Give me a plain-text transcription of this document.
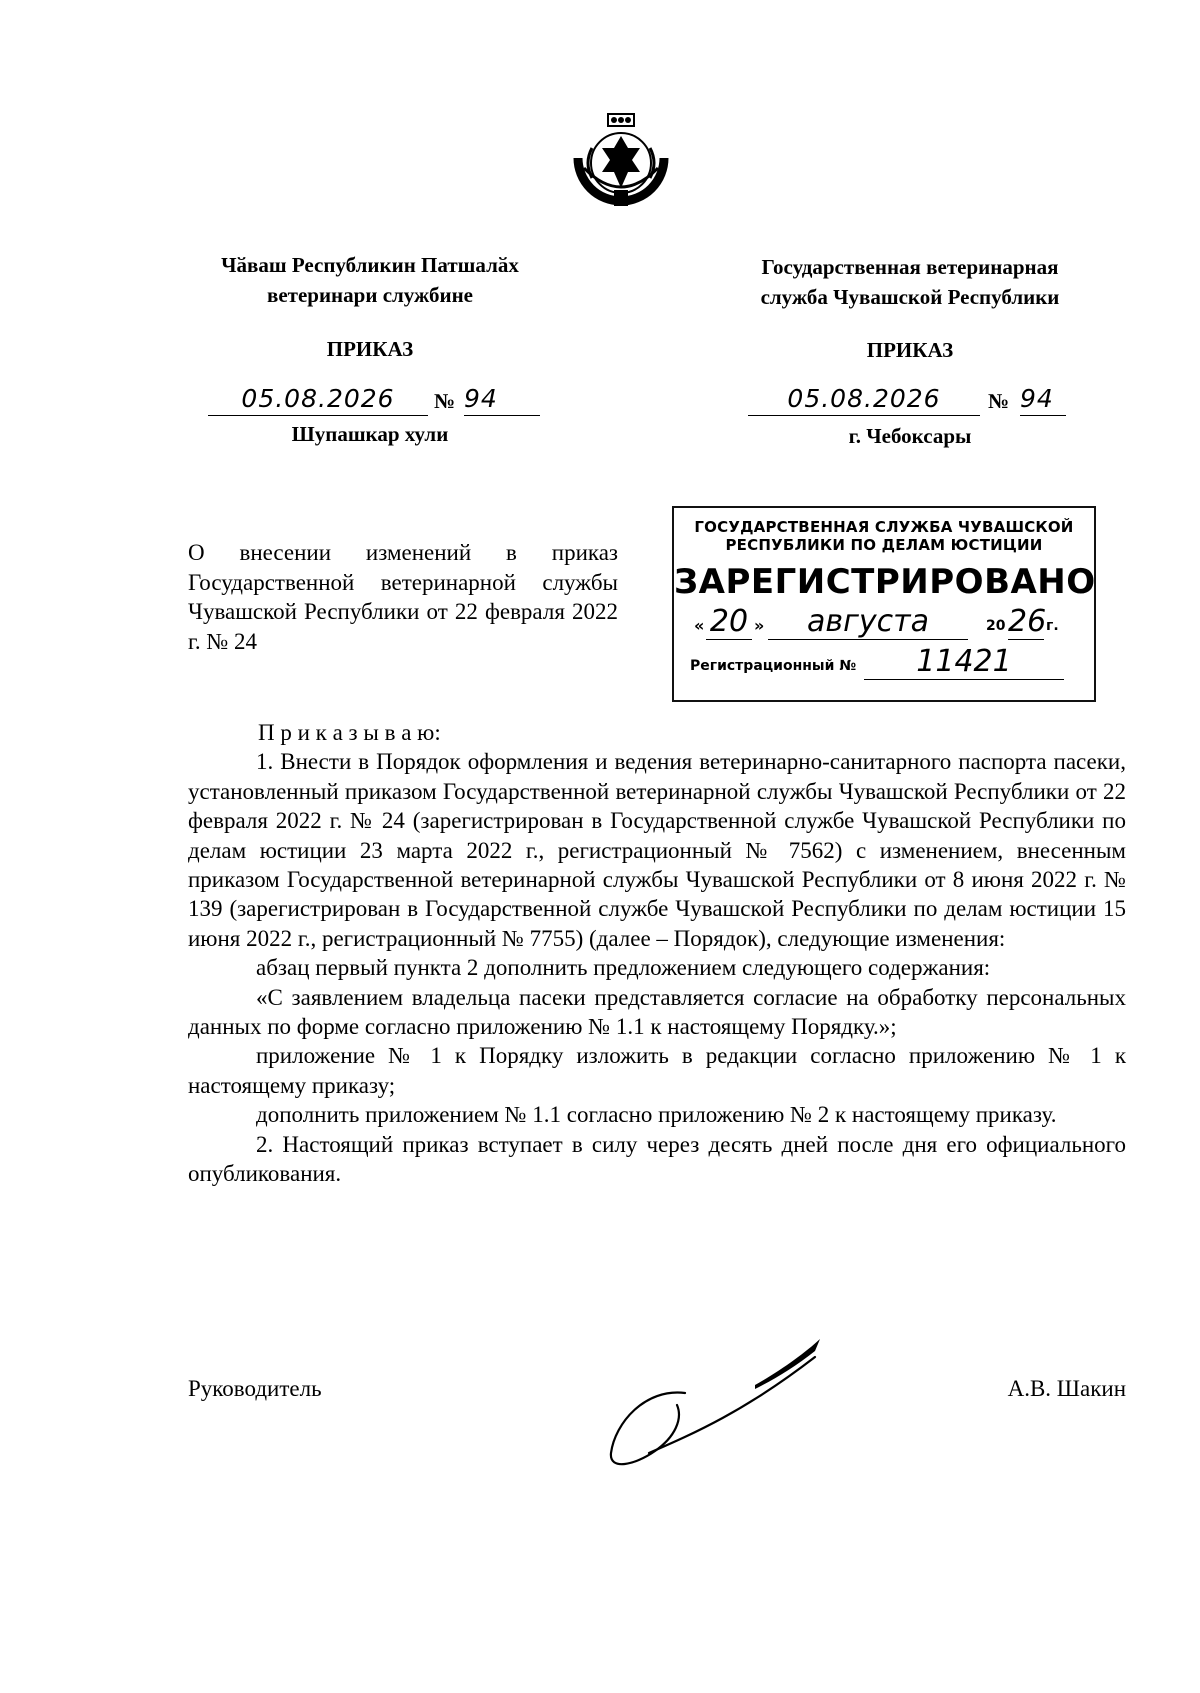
Чӑваш Республикин Патшалӑх
ветеринари службине
Государственная ветеринарная
служба Чувашской Республики
ПРИКАЗ	ПРИКАЗ
05.08.2026	№ 94	05.08.2026	№ 94
Шупашкар хули	г. Чебоксары
О внесении изменений в приказ Государственной ветеринарной службы Чувашской Республики от 22 февраля 2022 г. № 24
ГОСУДАРСТВЕННАЯ СЛУЖБА ЧУВАШСКОЙ
РЕСПУБЛИКИ ПО ДЕЛАМ ЮСТИЦИИ
ЗАРЕГИСТРИРОВАНО
« 20 »	августа	20 26 г.
Регистрационный №	11421

П р и к а з ы в а ю:

1. Внести в Порядок оформления и ведения ветеринарно-санитарного паспорта пасеки, установленный приказом Государственной ветеринарной службы Чувашской Республики от 22 февраля 2022 г. № 24 (зарегистрирован в Государственной службе Чувашской Республики по делам юстиции 23 марта 2022 г., регистрационный № 7562) с изменением, внесенным приказом Государственной ветеринарной службы Чувашской Республики от 8 июня 2022 г. № 139 (зарегистрирован в Государственной службе Чувашской Республики по делам юстиции 15 июня 2022 г., регистрационный № 7755) (далее – Порядок), следующие изменения:

абзац первый пункта 2 дополнить предложением следующего содержания:

«С заявлением владельца пасеки представляется согласие на обработку персональных данных по форме согласно приложению № 1.1 к настоящему Порядку.»;

приложение № 1 к Порядку изложить в редакции согласно приложению № 1 к настоящему приказу;

дополнить приложением № 1.1 согласно приложению № 2 к настоящему приказу.

2. Настоящий приказ вступает в силу через десять дней после дня его официального опубликования.

Руководитель	А.В. Шакин
